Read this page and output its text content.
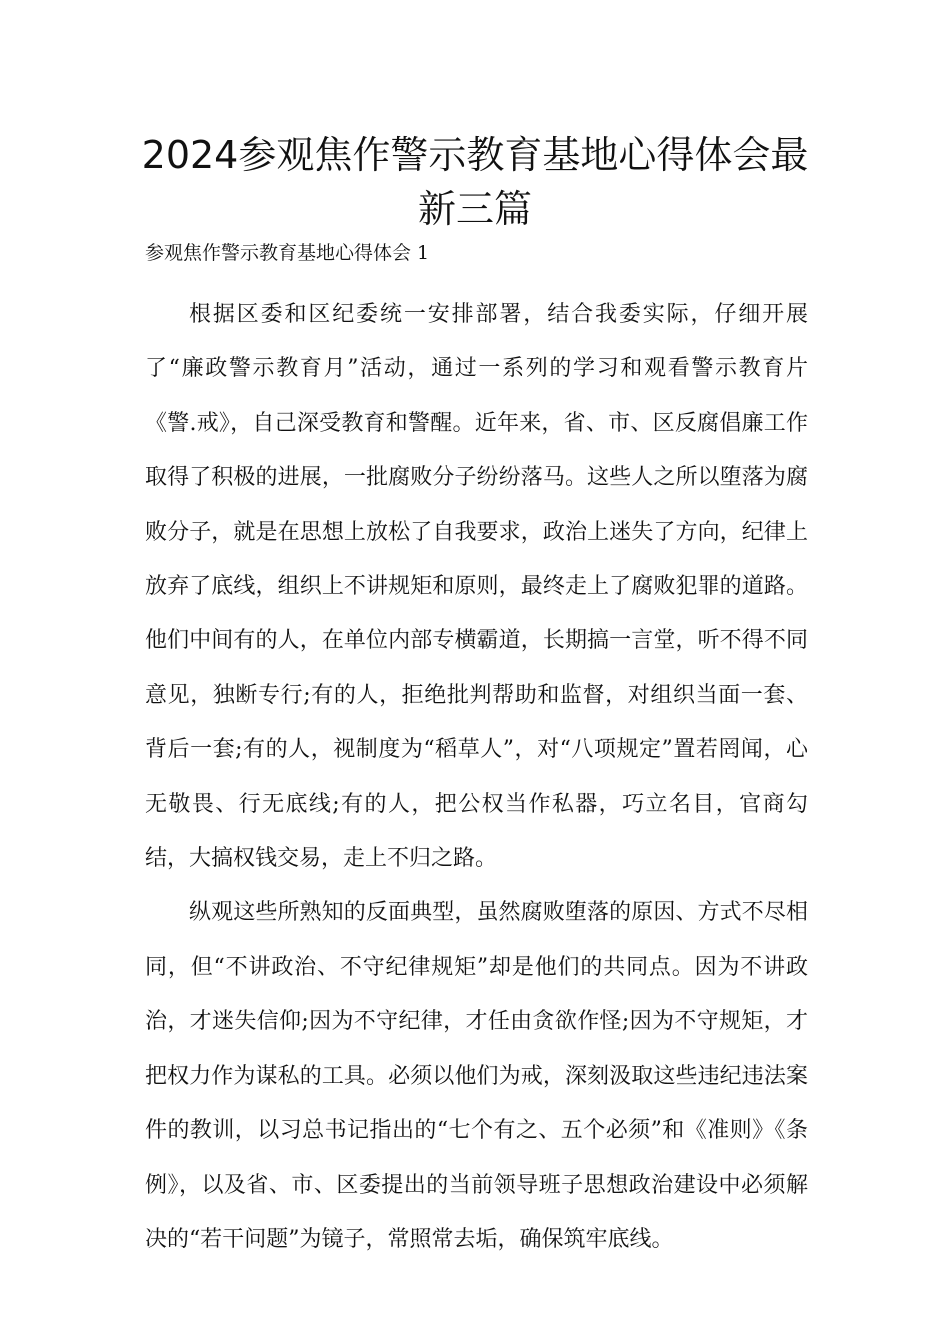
2024参观焦作警示教育基地心得体会最新三篇

参观焦作警示教育基地心得体会 1

根据区委和区纪委统一安排部署，结合我委实际，仔细开展了“廉政警示教育月”活动，通过一系列的学习和观看警示教育片《警.戒》，自己深受教育和警醒。近年来，省、市、区反腐倡廉工作取得了积极的进展，一批腐败分子纷纷落马。这些人之所以堕落为腐败分子，就是在思想上放松了自我要求，政治上迷失了方向，纪律上放弃了底线，组织上不讲规矩和原则，最终走上了腐败犯罪的道路。他们中间有的人，在单位内部专横霸道，长期搞一言堂，听不得不同意见，独断专行;有的人，拒绝批判帮助和监督，对组织当面一套、背后一套;有的人，视制度为“稻草人”，对“八项规定”置若罔闻，心无敬畏、行无底线;有的人，把公权当作私器，巧立名目，官商勾结，大搞权钱交易，走上不归之路。

纵观这些所熟知的反面典型，虽然腐败堕落的原因、方式不尽相同，但“不讲政治、不守纪律规矩”却是他们的共同点。因为不讲政治，才迷失信仰;因为不守纪律，才任由贪欲作怪;因为不守规矩，才把权力作为谋私的工具。必须以他们为戒，深刻汲取这些违纪违法案件的教训，以习总书记指出的“七个有之、五个必须”和《准则》《条例》，以及省、市、区委提出的当前领导班子思想政治建设中必须解决的“若干问题”为镜子，常照常去垢，确保筑牢底线。
